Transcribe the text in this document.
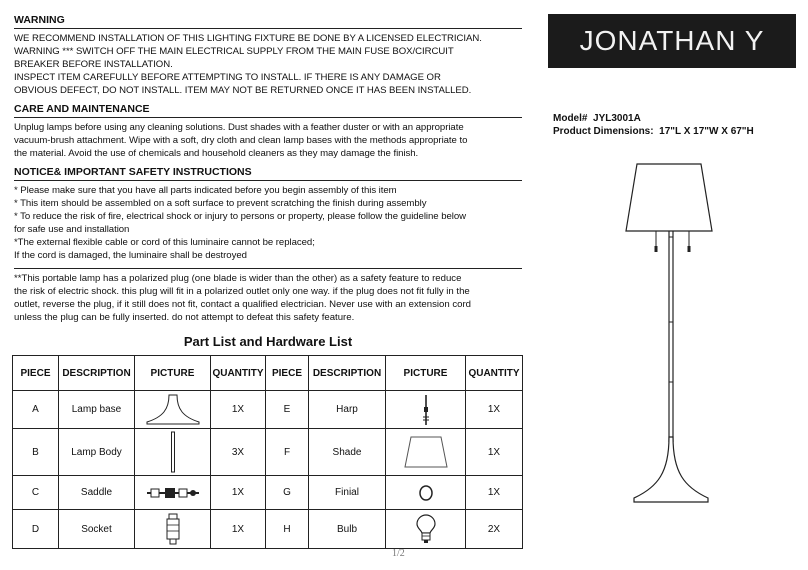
WARNING

WE RECOMMEND INSTALLATION OF THIS LIGHTING FIXTURE BE DONE BY A LICENSED ELECTRICIAN.

WARNING *** SWITCH OFF THE MAIN ELECTRICAL SUPPLY FROM THE MAIN FUSE BOX/CIRCUIT

BREAKER BEFORE INSTALLATION.

INSPECT ITEM CAREFULLY BEFORE ATTEMPTING TO INSTALL. IF THERE IS ANY DAMAGE OR

OBVIOUS DEFECT, DO NOT INSTALL. ITEM MAY NOT BE RETURNED ONCE IT HAS BEEN INSTALLED.

CARE AND MAINTENANCE

Unplug lamps before using any cleaning solutions. Dust shades with a feather duster or with an appropriate

vacuum-brush attachment. Wipe with a soft, dry cloth and clean lamp bases with the methods appropriate to

the material. Avoid the use of chemicals and household cleaners as they may damage the finish.

NOTICE& IMPORTANT SAFETY INSTRUCTIONS

* Please make sure that you have all parts indicated before you begin assembly of this item

* This item should be assembled on a soft surface to prevent scratching the finish during assembly

* To reduce the risk of fire, electrical shock or injury to persons or property, please follow the guideline below

for safe use and installation

*The external flexible cable or cord of this luminaire cannot be replaced;

If the cord is damaged, the luminaire shall be destroyed

**This portable lamp has a polarized plug (one blade is wider than the other) as a safety feature to reduce

the risk of electric shock. this plug will fit in a polarized outlet only one way. if the plug does not fit fully in the

outlet, reverse the plug, if it still does not fit, contact a qualified electrician. Never use with an extension cord

unless the plug can be fully inserted. do not attempt to defeat this safety feature.

Part List and Hardware List
PIECE	DESCRIPTION	PICTURE	QUANTITY	PIECE	DESCRIPTION	PICTURE	QUANTITY
A	Lamp base		1X	E	Harp		1X
B	Lamp Body		3X	F	Shade		1X
C	Saddle		1X	G	Finial		1X
D	Socket		1X	H	Bulb		2X
JONATHAN Y
Model# JYL3001A
Product Dimensions: 17"L X 17"W X 67"H
1/2
